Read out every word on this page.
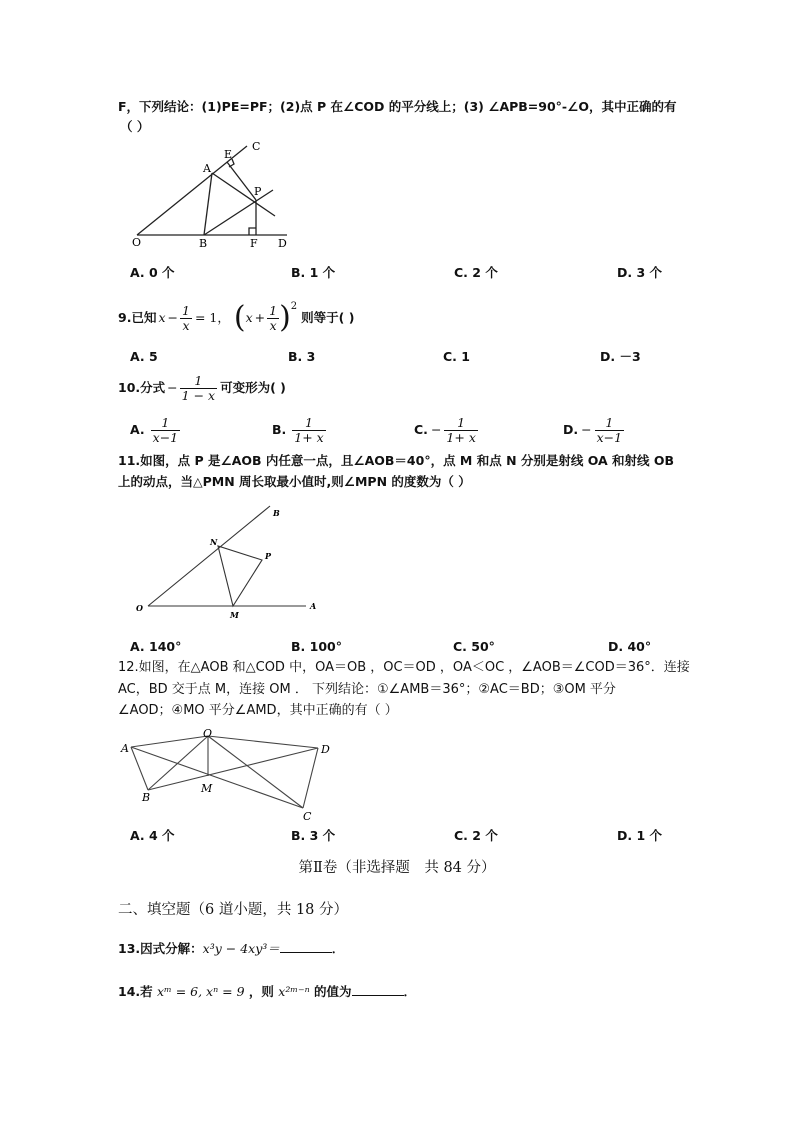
F，下列结论：(1)PE=PF；(2)点 P 在∠COD 的平分线上；(3) ∠APB=90°-∠O，其中正确的有
（ ）
O
A
B
C
D
E
F
P
A. 0 个	B. 1 个	C. 2 个	D. 3 个
9.已知 $x - \frac{1}{x} = 1$， ( $x + \frac{1}{x}$ ) 2
则等于( )
A. 5	B. 3	C. 1	D. －3
10.分式 − $\frac{1}{1 - x}$ 可变形为( )
A. $\frac{1}{x-1}$	B. $\frac{1}{1+ x}$	C. − $\frac{1}{1+ x}$	D. − $\frac{1}{x-1}$
11.如图，点 P 是∠AOB 内任意一点，且∠AOB＝40°，点 M 和点 N 分别是射线 OA 和射线 OB
上的动点，当△PMN 周长取最小值时,则∠MPN 的度数为（ ）
O	A
B
M
N
P
A. 140°	B. 100°	C. 50°	D. 40°
12.如图，在△AOB 和△COD 中，OA＝OB ，OC＝OD ，OA＜OC ，∠AOB＝∠COD＝36°．连接
AC，BD 交于点 M，连接 OM ． 下列结论：①∠AMB＝36°；②AC＝BD；③OM 平分
∠AOD；④MO 平分∠AMD，其中正确的有（ ）
A
B
C
D
M
O
A. 4 个	B. 3 个	C. 2 个	D. 1 个
第Ⅱ卷（非选择题　共 84 分）
二、填空题（6 道小题，共 18 分）
13.因式分解：x³y − 4xy³＝	．
14.若 xᵐ = 6, xⁿ = 9 ，则 x²ᵐ⁻ⁿ 的值为	．
